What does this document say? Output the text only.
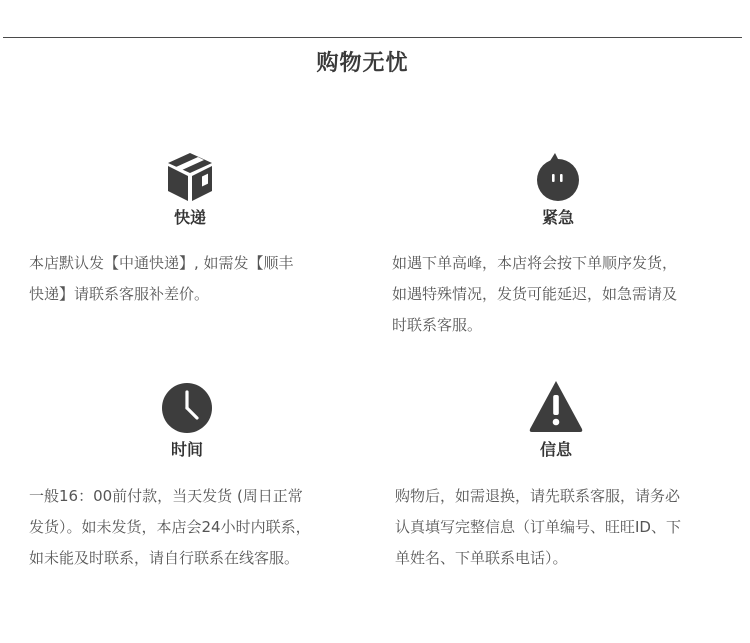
购物无忧
快递
本店默认发【中通快递】, 如需发【顺丰
快递】请联系客服补差价。
紧急
如遇下单高峰，本店将会按下单顺序发货，
如遇特殊情况，发货可能延迟，如急需请及
时联系客服。
时间
一般16：00前付款，当天发货 (周日正常
发货）。如未发货，本店会24小时内联系，
如未能及时联系，请自行联系在线客服。
信息
购物后，如需退换，请先联系客服，请务必
认真填写完整信息（订单编号、旺旺ID、下
单姓名、下单联系电话）。
